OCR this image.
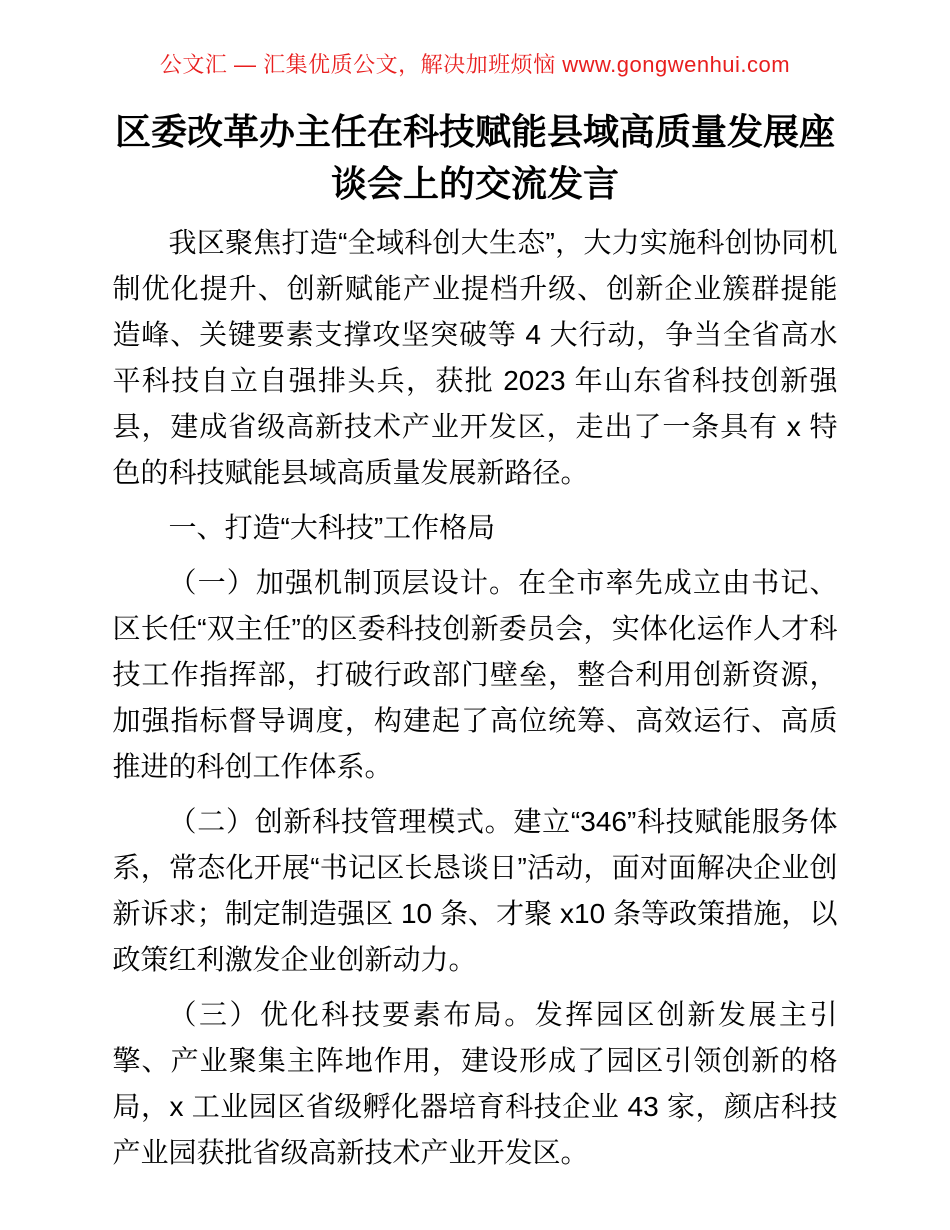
公文汇 — 汇集优质公文，解决加班烦恼 www.gongwenhui.com
区委改革办主任在科技赋能县域高质量发展座谈会上的交流发言

我区聚焦打造“全域科创大生态”，大力实施科创协同机制优化提升、创新赋能产业提档升级、创新企业簇群提能造峰、关键要素支撑攻坚突破等 4 大行动，争当全省高水平科技自立自强排头兵，获批 2023 年山东省科技创新强县，建成省级高新技术产业开发区，走出了一条具有 x 特色的科技赋能县域高质量发展新路径。

一、打造“大科技”工作格局

（一）加强机制顶层设计。在全市率先成立由书记、区长任“双主任”的区委科技创新委员会，实体化运作人才科技工作指挥部，打破行政部门壁垒，整合利用创新资源，加强指标督导调度，构建起了高位统筹、高效运行、高质推进的科创工作体系。

（二）创新科技管理模式。建立“346”科技赋能服务体系，常态化开展“书记区长恳谈日”活动，面对面解决企业创新诉求；制定制造强区 10 条、才聚 x10 条等政策措施，以政策红利激发企业创新动力。

（三）优化科技要素布局。发挥园区创新发展主引擎、产业聚集主阵地作用，建设形成了园区引领创新的格局，x 工业园区省级孵化器培育科技企业 43 家，颜店科技产业园获批省级高新技术产业开发区。
